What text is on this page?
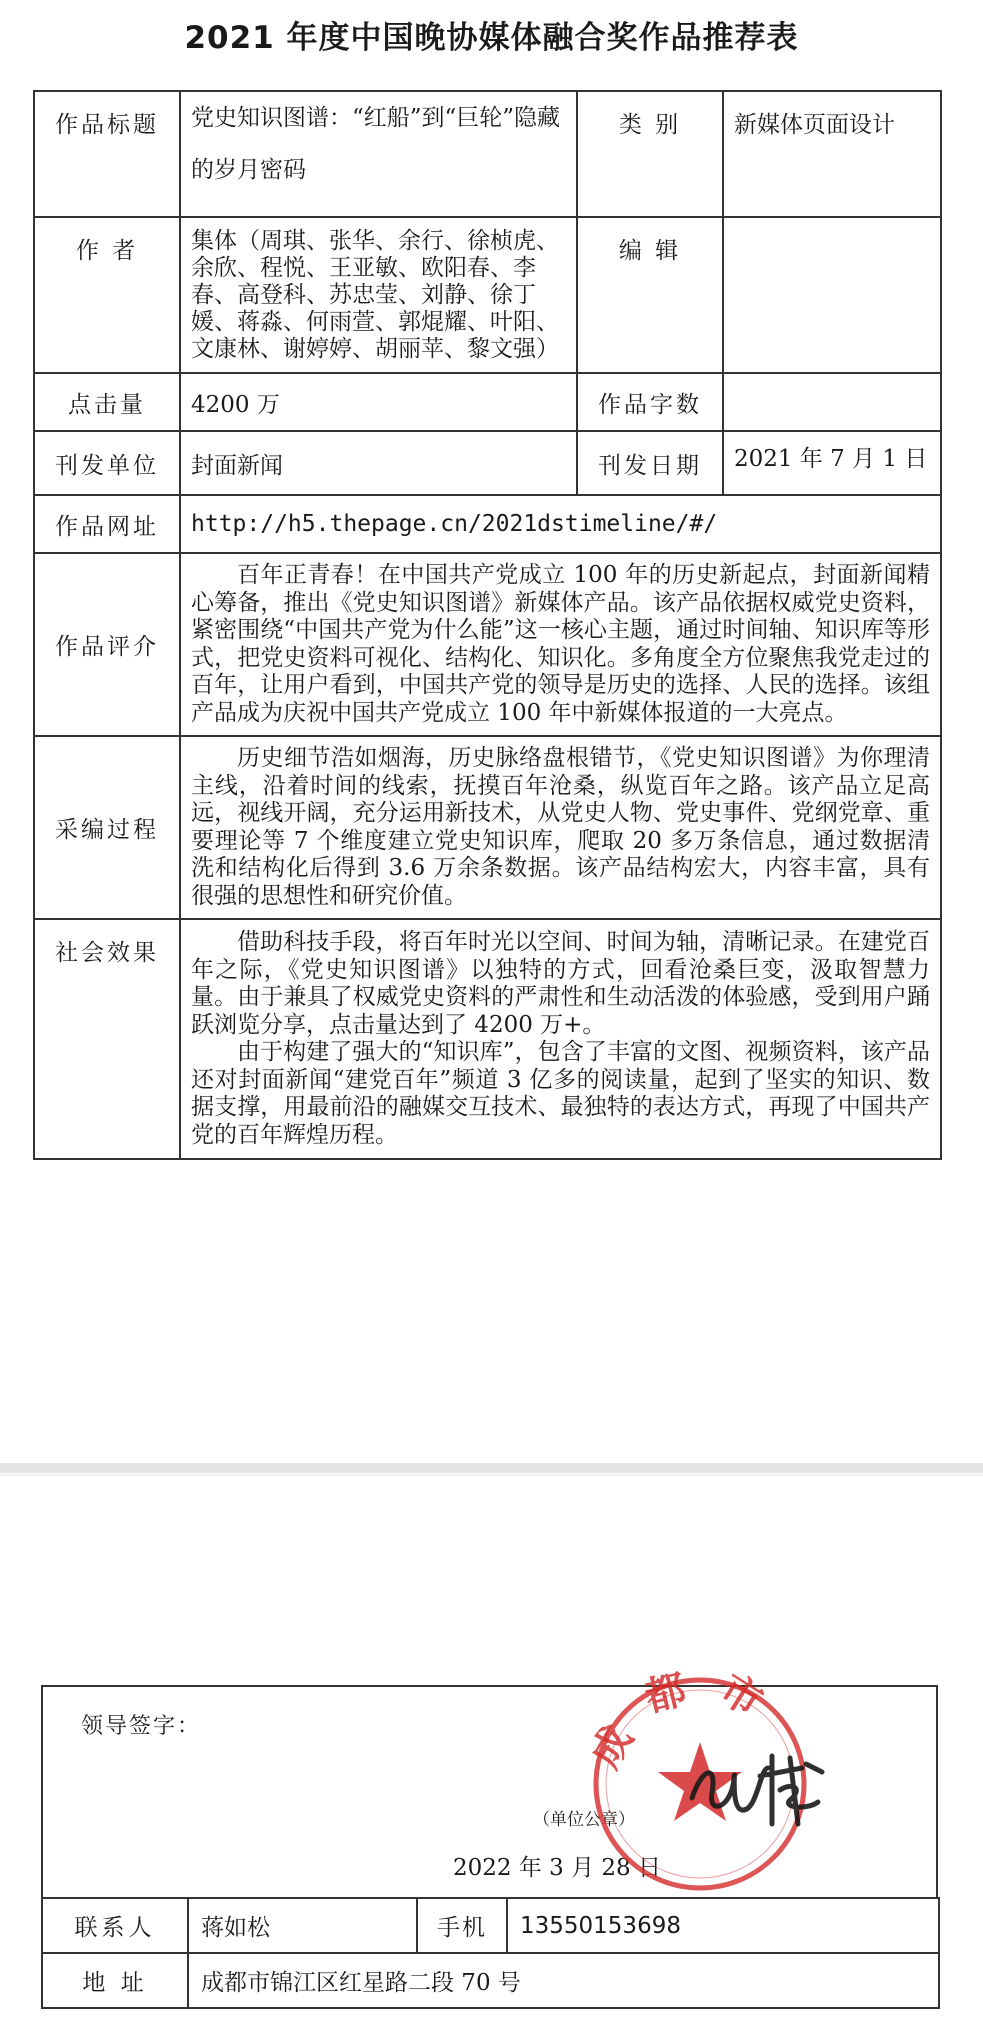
2021 年度中国晚协媒体融合奖作品推荐表
作品标题	党史知识图谱：“红船”到“巨轮”隐藏的岁月密码	类 别	新媒体页面设计
作 者	集体（周琪、张华、余行、徐桢虎、余欣、程悦、王亚敏、欧阳春、李春、高登科、苏忠莹、刘静、徐丁媛、蒋淼、何雨萱、郭焜耀、叶阳、文康林、谢婷婷、胡丽苹、黎文强）	编 辑	
点击量	4200 万	作品字数	
刊发单位	封面新闻	刊发日期	2021 年 7 月 1 日
作品网址	http://h5.thepage.cn/2021dstimeline/#/		
作品评介	百年正青春！在中国共产党成立 100 年的历史新起点，封面新闻精心筹备，推出《党史知识图谱》新媒体产品。该产品依据权威党史资料，紧密围绕“中国共产党为什么能”这一核心主题，通过时间轴、知识库等形式，把党史资料可视化、结构化、知识化。多角度全方位聚焦我党走过的百年，让用户看到，中国共产党的领导是历史的选择、人民的选择。该组产品成为庆祝中国共产党成立 100 年中新媒体报道的一大亮点。		

采编过程	历史细节浩如烟海，历史脉络盘根错节，《党史知识图谱》为你理清主线，沿着时间的线索，抚摸百年沧桑，纵览百年之路。该产品立足高远，视线开阔，充分运用新技术，从党史人物、党史事件、党纲党章、重要理论等 7 个维度建立党史知识库，爬取 20 多万条信息，通过数据清洗和结构化后得到 3.6 万余条数据。该产品结构宏大，内容丰富，具有很强的思想性和研究价值。		

社会效果	借助科技手段，将百年时光以空间、时间为轴，清晰记录。在建党百年之际，《党史知识图谱》以独特的方式，回看沧桑巨变，汲取智慧力量。由于兼具了权威党史资料的严肃性和生动活泼的体验感，受到用户踊跃浏览分享，点击量达到了 4200 万+。

由于构建了强大的“知识库”，包含了丰富的文图、视频资料，该产品还对封面新闻“建党百年”频道 3 亿多的阅读量，起到了坚实的知识、数据支撑，用最前沿的融媒交互技术、最独特的表达方式，再现了中国共产党的百年辉煌历程。		

领导签字：
（单位公章）
2022 年 3 月 28 日
成都市
联系人	蒋如松	手机	13550153698
地 址	成都市锦江区红星路二段 70 号		
